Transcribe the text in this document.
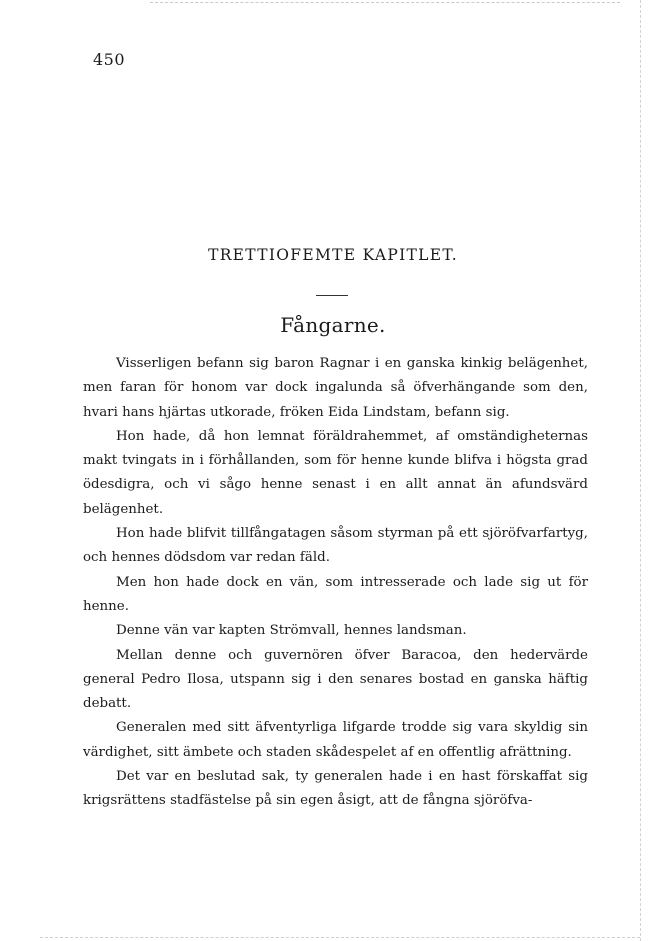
450
TRETTIOFEMTE KAPITLET.
Fångarne.

Visserligen befann sig baron Ragnar i en ganska kinkig belägenhet, men faran för honom var dock ingalunda så öfverhängande som den, hvari hans hjärtas utkorade, fröken Eida Lindstam, befann sig.

Hon hade, då hon lemnat föräldrahemmet, af omständigheternas makt tvingats in i förhållanden, som för henne kunde blifva i högsta grad ödesdigra, och vi sågo henne senast i en allt annat än afundsvärd belägenhet.

Hon hade blifvit tillfångatagen såsom styrman på ett sjöröfvarfartyg, och hennes dödsdom var redan fäld.

Men hon hade dock en vän, som intresserade och lade sig ut för henne.

Denne vän var kapten Strömvall, hennes landsman.

Mellan denne och guvernören öfver Baracoa, den hedervärde general Pedro Ilosa, utspann sig i den senares bostad en ganska häftig debatt.

Generalen med sitt äfventyrliga lifgarde trodde sig vara skyldig sin värdighet, sitt ämbete och staden skådespelet af en offentlig afrättning.

Det var en beslutad sak, ty generalen hade i en hast förskaffat sig krigsrättens stadfästelse på sin egen åsigt, att de fångna sjöröfva-
